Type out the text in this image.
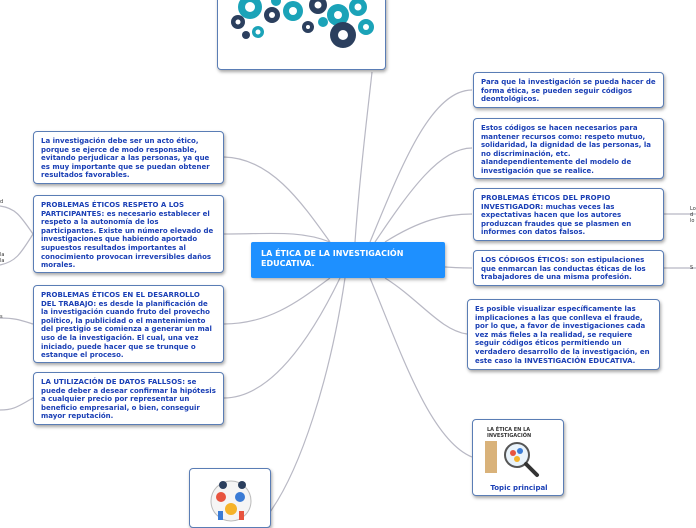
LA ÉTICA DE LA INVESTIGACIÓN EDUCATIVA.
La investigación debe ser un acto ético, porque se ejerce de modo responsable, evitando perjudicar a las personas, ya que es muy importante que se puedan obtener resultados favorables.
PROBLEMAS ÉTICOS RESPETO A LOS PARTICIPANTES: es necesario establecer el respeto a la autonomía de los participantes. Existe un número elevado de investigaciones que habiendo aportado supuestos resultados importantes al conocimiento provocan irreversibles daños morales.
PROBLEMAS ÉTICOS EN EL DESARROLLO DEL TRABAJO: es desde la planificación de la investigación cuando fruto del provecho político, la publicidad o el mantenimiento del prestigio se comienza a generar un mal uso de la investigación. El cual, una vez iniciado, puede hacer que se trunque o estanque el proceso.
LA UTILIZACIÓN DE DATOS FALLSOS: se puede deber a desear confirmar la hipótesis a cualquier precio por representar un beneficio empresarial, o bien, conseguir mayor reputación.
Para que la investigación se pueda hacer de forma ética, se pueden seguir códigos deontológicos.
Estos códigos se hacen necesarios para mantener recursos como: respeto mutuo, solidaridad, la dignidad de las personas, la no discriminación, etc. aIandependientemente del modelo de investigación que se realice.
PROBLEMAS ÉTICOS DEL PROPIO INVESTIGADOR: muchas veces las expectativas hacen que los autores produzcan fraudes que se plasmen en informes con datos falsos.
LOS CÓDIGOS ÉTICOS: son estipulaciones que enmarcan las conductas éticas de los trabajadores de una misma profesión.
Es posible visualizar específicamente las implicaciones a las que conlleva el fraude, por lo que, a favor de investigaciones cada vez más fieles a la realidad, se requiere seguir códigos éticos permitiendo un verdadero desarrollo de la investigación, en este caso la INVESTIGACIÓN EDUCATIVA.
LA ÉTICA EN LA INVESTIGACIÓN
Topic principal
d
la
la
s
Lo
d
lo
S
